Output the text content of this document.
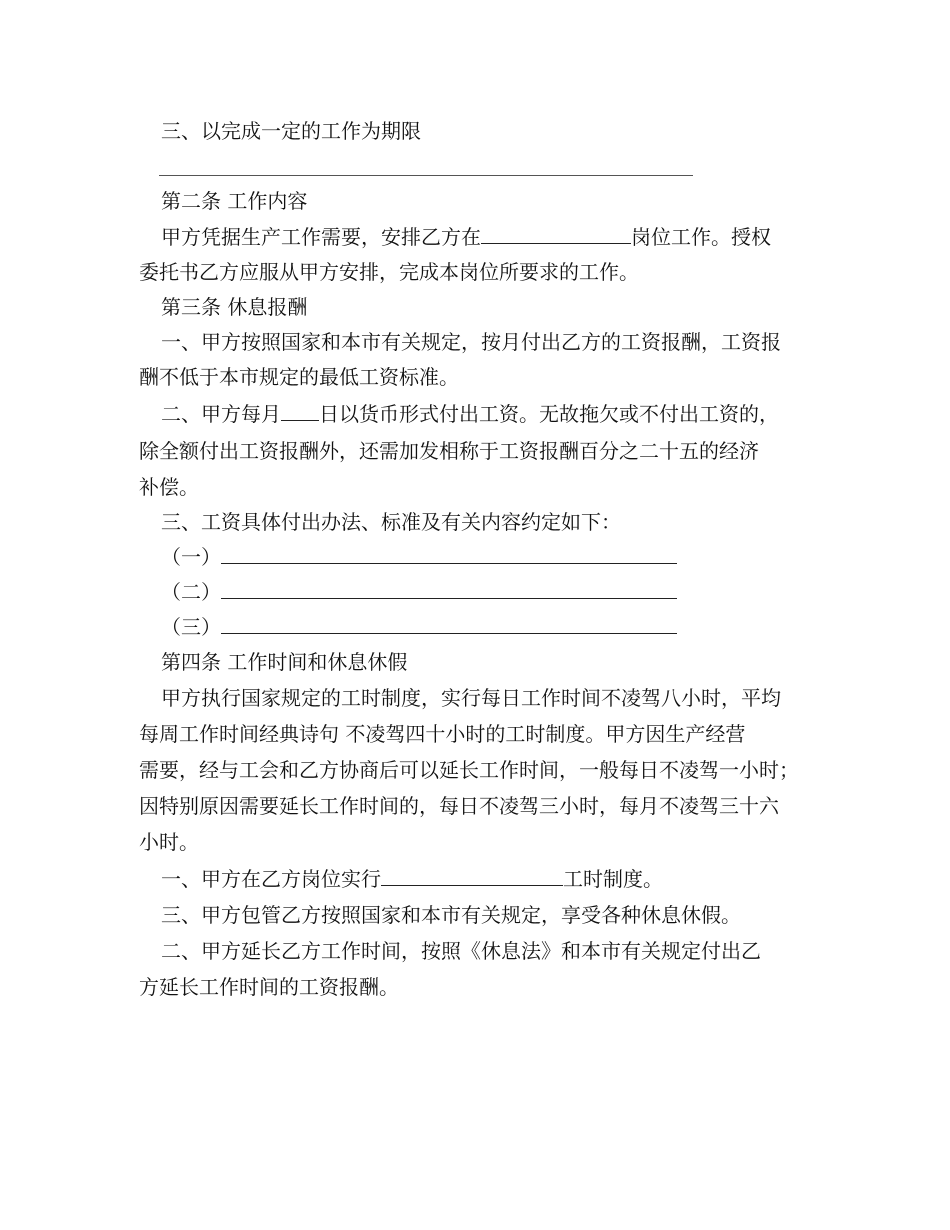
三、以完成一定的工作为期限
第二条 工作内容
甲方凭据生产工作需要，安排乙方在	岗位工作。授权
委托书乙方应服从甲方安排，完成本岗位所要求的工作。
第三条 休息报酬
一、甲方按照国家和本市有关规定，按月付出乙方的工资报酬，工资报
酬不低于本市规定的最低工资标准。
二、甲方每月 日以货币形式付出工资。无故拖欠或不付出工资的，
除全额付出工资报酬外，还需加发相称于工资报酬百分之二十五的经济
补偿。
三、工资具体付出办法、标准及有关内容约定如下：
（一）
（二）
（三）
第四条 工作时间和休息休假
甲方执行国家规定的工时制度，实行每日工作时间不凌驾八小时，平均
每周工作时间经典诗句 不凌驾四十小时的工时制度。甲方因生产经营
需要，经与工会和乙方协商后可以延长工作时间，一般每日不凌驾一小时；
因特别原因需要延长工作时间的，每日不凌驾三小时，每月不凌驾三十六
小时。
一、甲方在乙方岗位实行	工时制度。
三、甲方包管乙方按照国家和本市有关规定，享受各种休息休假。
二、甲方延长乙方工作时间，按照《休息法》和本市有关规定付出乙
方延长工作时间的工资报酬。
